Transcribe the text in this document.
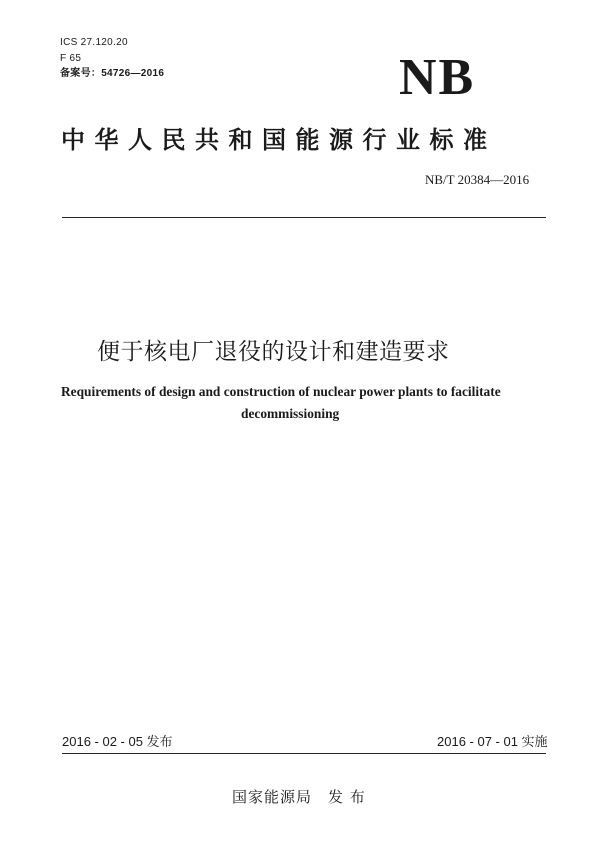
ICS 27.120.20
F 65
备案号：54726—2016	NB
中华人民共和国能源行业标准
NB/T 20384—2016
便于核电厂退役的设计和建造要求
Requirements of design and construction of nuclear power plants to facilitate
decommissioning
2016 - 02 - 05 发布	2016 - 07 - 01 实施
国家能源局　发 布
